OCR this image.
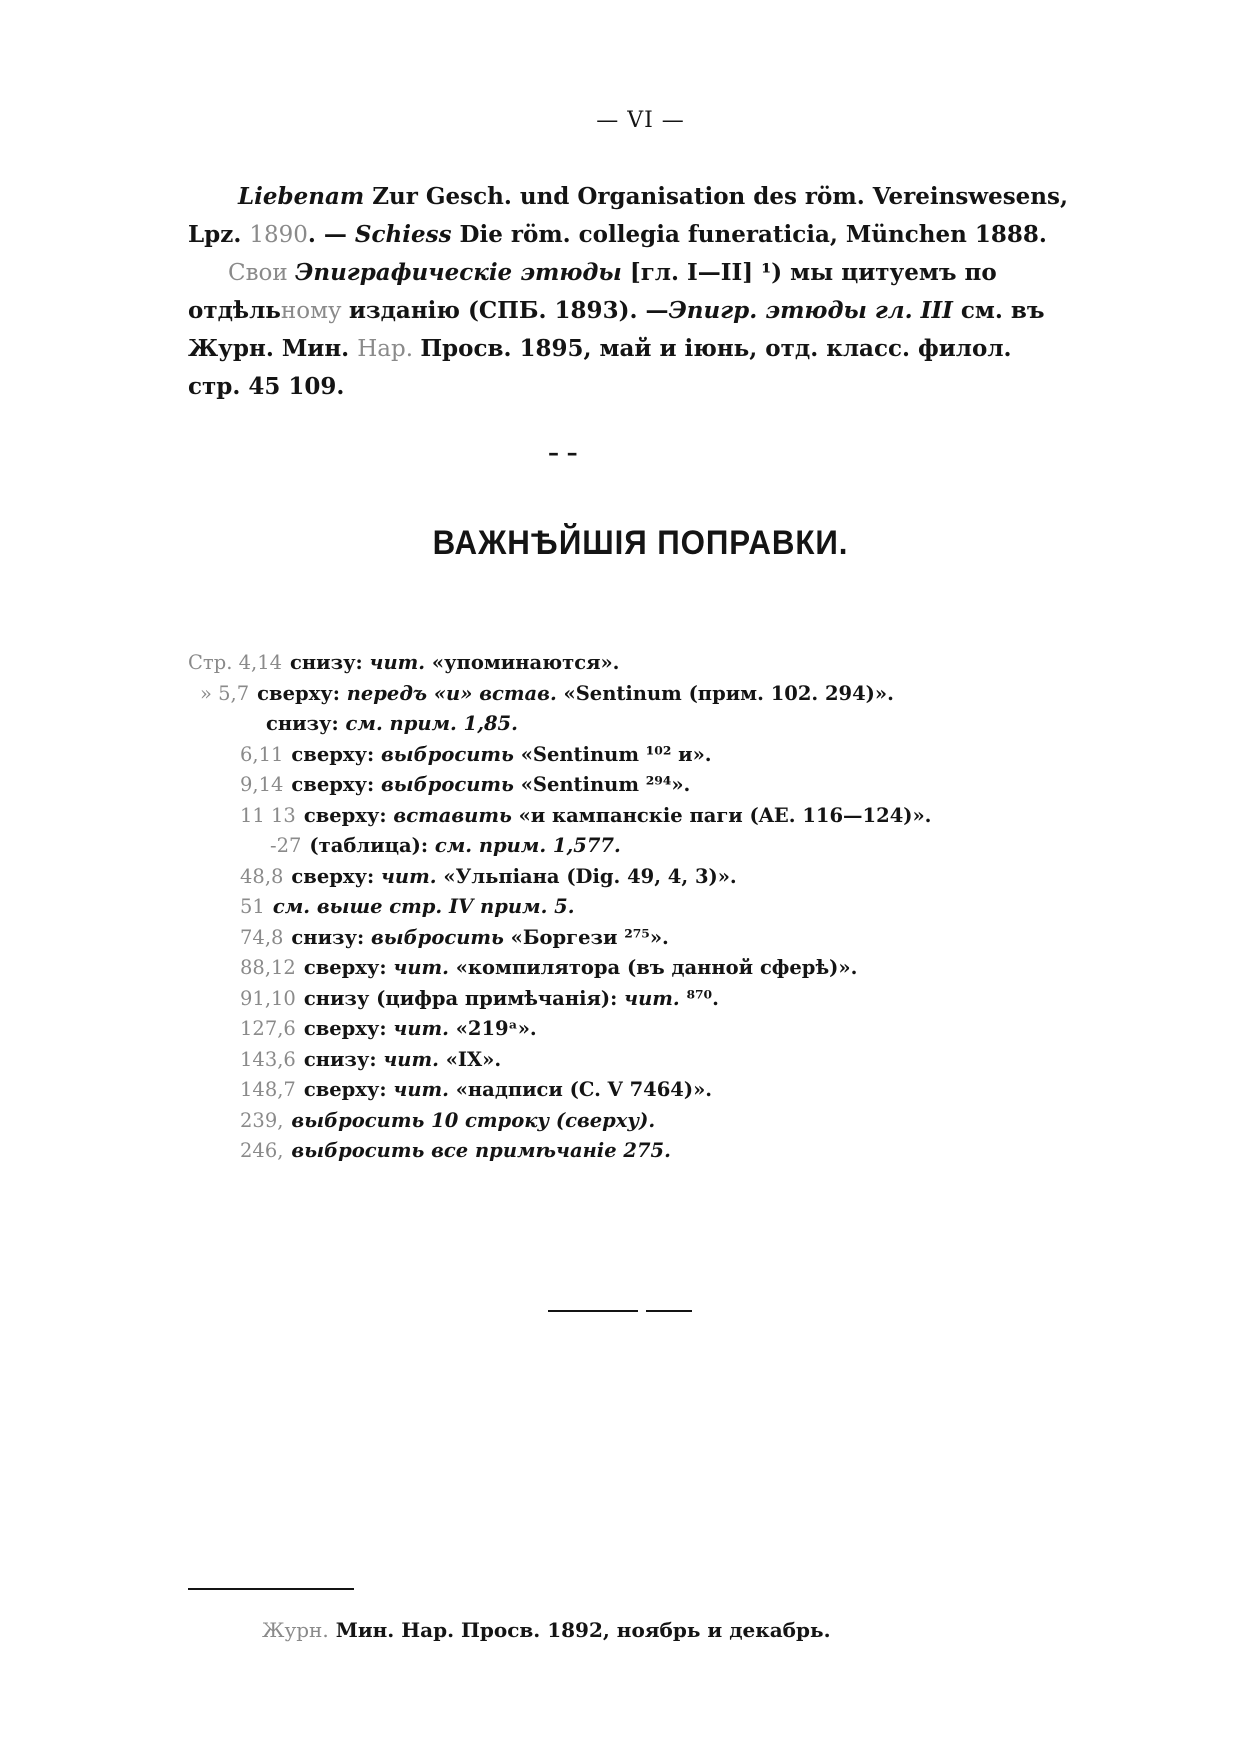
— VI —

Liebenam Zur Gesch. und Organisation des röm. Vereinswesens, Lpz. 1890. — Schiess Die röm. collegia funeraticia, München 1888.

Свои Эпиграфическіе этюды [гл. I—II] ¹) мы цитуемъ по отдѣльному изданію (СПБ. 1893). —Эпигр. этюды гл. III см. въ Журн. Мин. Нар. Просв. 1895, май и іюнь, отд. класс. филол. стр. 45 109.

– –
ВАЖНѢЙШІЯ ПОПРАВКИ.
Стр. 4,14 снизу: чит. «упоминаются».
» 5,7 сверху: передъ «и» встав. «Sentinum (прим. 102. 294)».
снизу: см. прим. 1,85.
6,11 сверху: выбросить «Sentinum ¹⁰² и».
9,14 сверху: выбросить «Sentinum ²⁹⁴».
11 13 сверху: вставить «и кампанскіе паги (AE. 116—124)».
-27 (таблица): см. прим. 1,577.
48,8 сверху: чит. «Ульпіана (Dig. 49, 4, 3)».
51 см. выше стр. IV прим. 5.
74,8 снизу: выбросить «Боргези ²⁷⁵».
88,12 сверху: чит. «компилятора (въ данной сферѣ)».
91,10 снизу (цифра примѣчанія): чит. ⁸⁷⁰.
127,6 сверху: чит. «219ᵃ».
143,6 снизу: чит. «IX».
148,7 сверху: чит. «надписи (C. V 7464)».
239, выбросить 10 строку (сверху).
246, выбросить все примѣчаніе 275.

Журн. Мин. Нар. Просв. 1892, ноябрь и декабрь.
